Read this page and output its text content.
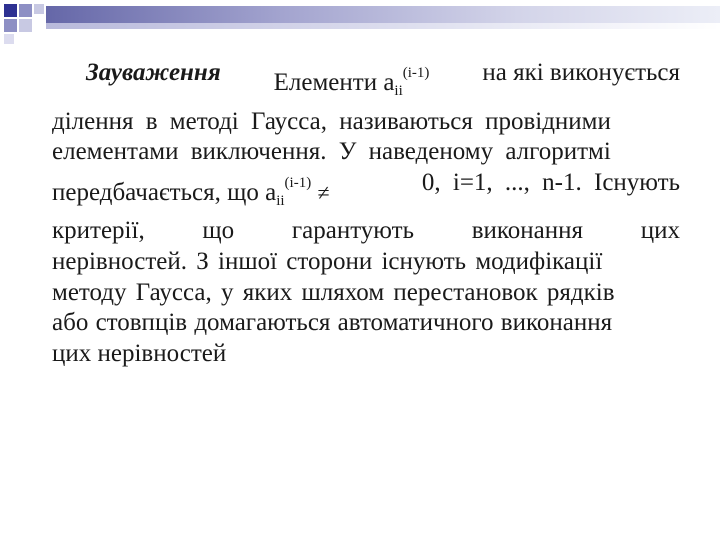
Зауваження Елементи $a_{ii}^{(i-1)}$ на які виконується
ділення в методі Гаусса, називаються провідними
елементами виключення. У наведеному алгоритмі
передбачається, що $a_{ii}^{(i-1)}$ ≠	0, i=1, ..., n-1. Існують
критерії, що гарантують виконання цих
нерівностей. З іншої сторони існують модифікації
методу Гаусса, у яких шляхом перестановок рядків
або стовпців домагаються автоматичного виконання
цих нерівностей
